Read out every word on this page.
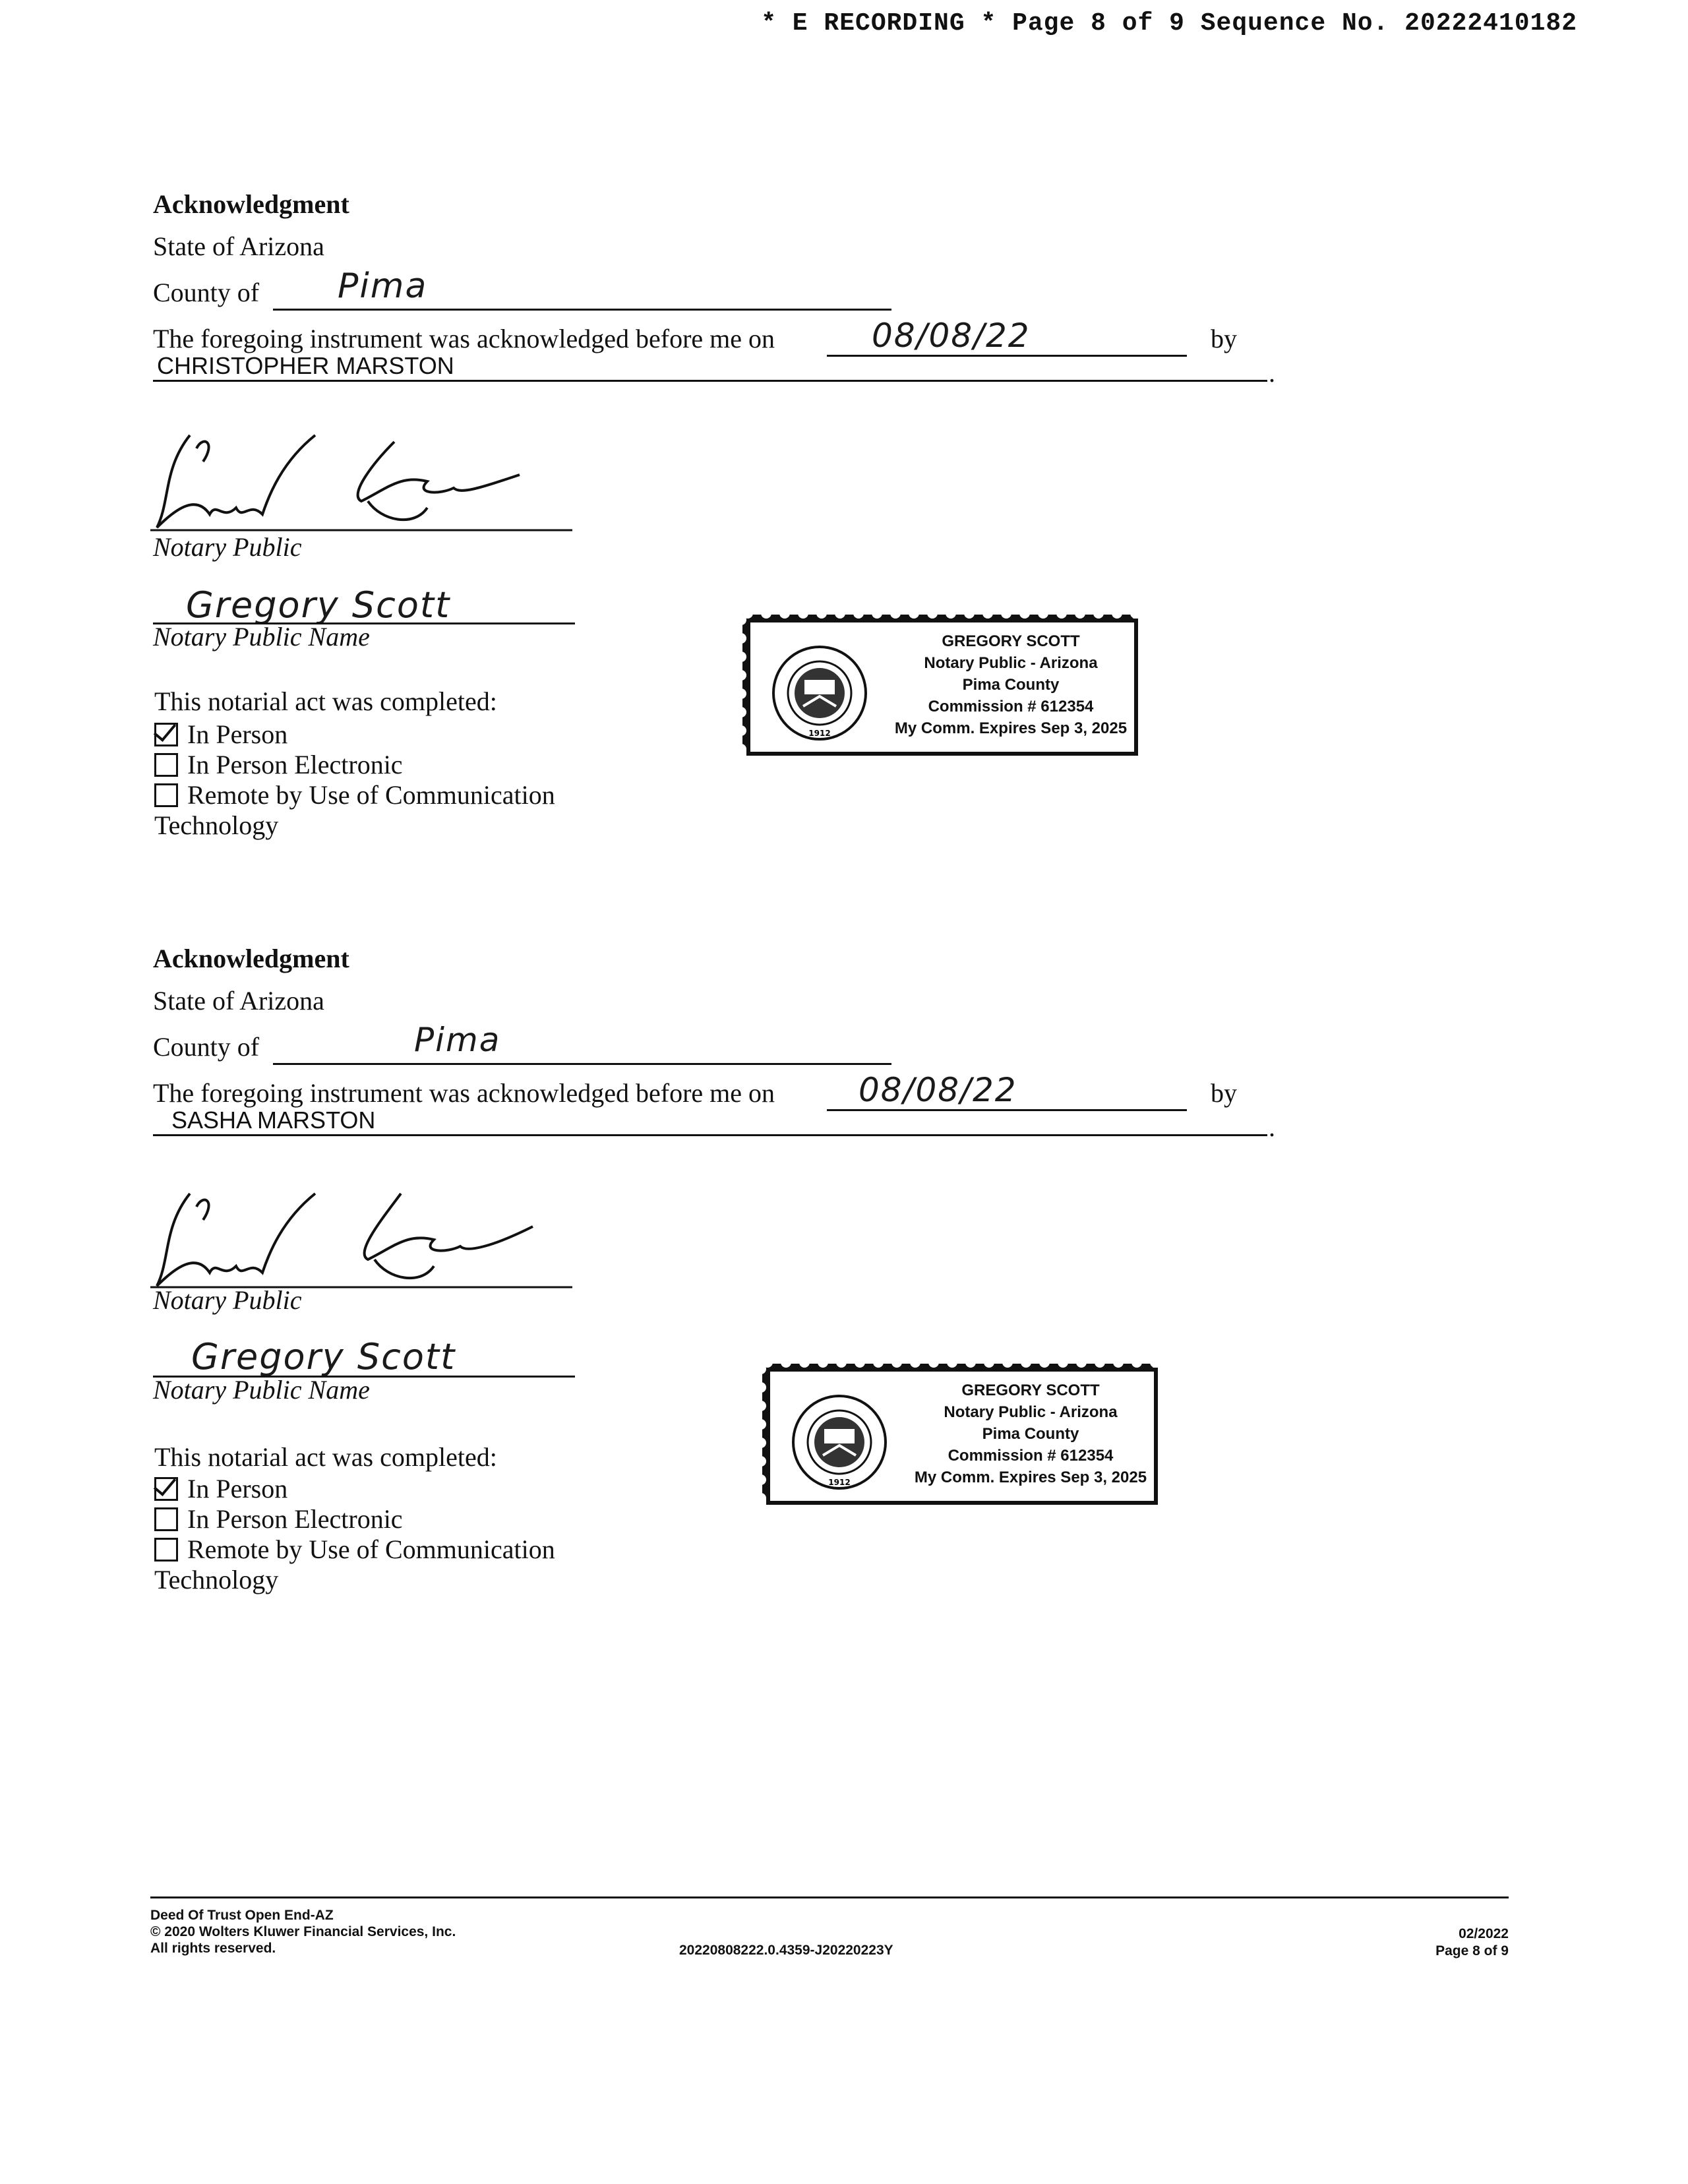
* E RECORDING * Page 8 of 9 Sequence No. 20222410182
Acknowledgment
State of Arizona
County of Pima
The foregoing instrument was acknowledged before me on	08/08/22	by
CHRISTOPHER MARSTON	.
Notary Public
Gregory Scott
Notary Public Name
This notarial act was completed:
In Person
In Person Electronic
Remote by Use of Communication
Technology
1912
GREGORY SCOTT
Notary Public - Arizona
Pima County
Commission # 612354
My Comm. Expires Sep 3, 2025
Acknowledgment
State of Arizona
County of	Pima
The foregoing instrument was acknowledged before me on	08/08/22	by
SASHA MARSTON	.
Notary Public
Gregory Scott
Notary Public Name
This notarial act was completed:
In Person
In Person Electronic
Remote by Use of Communication
Technology
1912
GREGORY SCOTT
Notary Public - Arizona
Pima County
Commission # 612354
My Comm. Expires Sep 3, 2025
Deed Of Trust Open End-AZ
© 2020 Wolters Kluwer Financial Services, Inc.
All rights reserved.	20220808222.0.4359-J20220223Y
02/2022
Page 8 of 9
